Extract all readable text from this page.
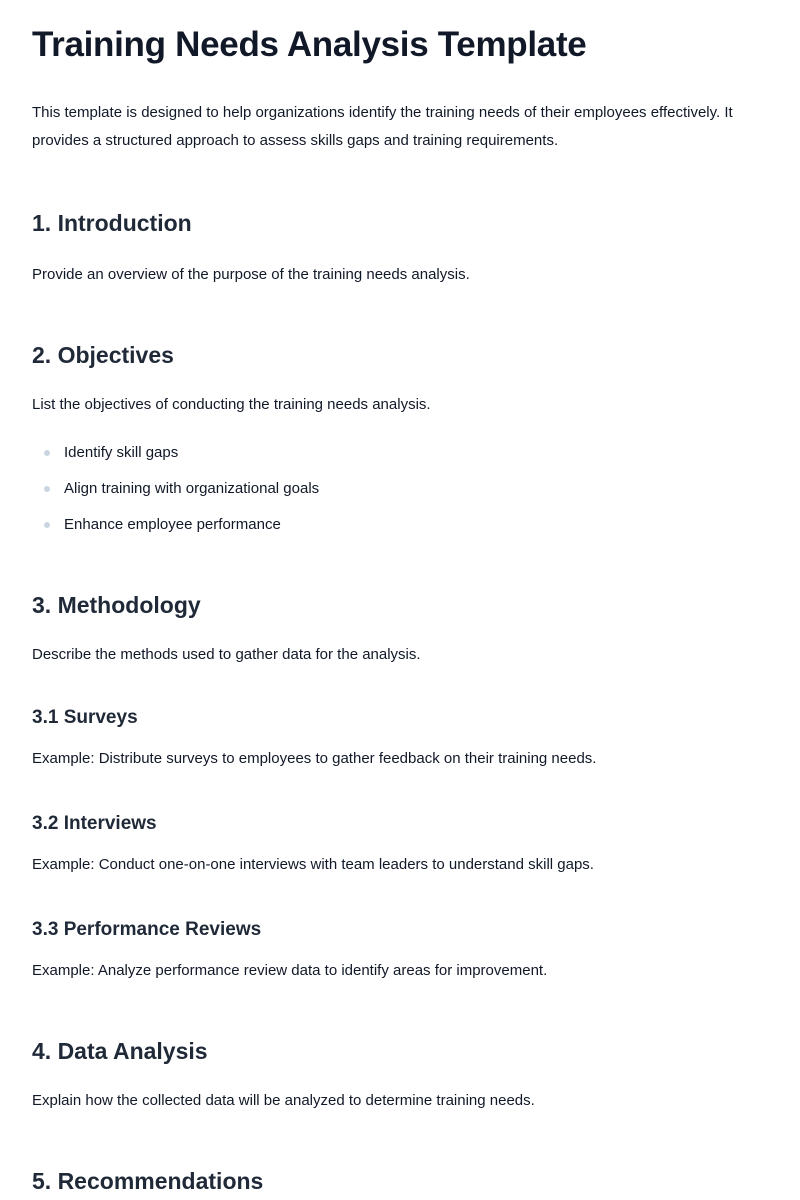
Training Needs Analysis Template

This template is designed to help organizations identify the training needs of their employees effectively. It provides a structured approach to assess skills gaps and training requirements.

1. Introduction

Provide an overview of the purpose of the training needs analysis.

2. Objectives

List the objectives of conducting the training needs analysis.

Identify skill gaps
Align training with organizational goals
Enhance employee performance
3. Methodology

Describe the methods used to gather data for the analysis.

3.1 Surveys

Example: Distribute surveys to employees to gather feedback on their training needs.

3.2 Interviews

Example: Conduct one-on-one interviews with team leaders to understand skill gaps.

3.3 Performance Reviews

Example: Analyze performance review data to identify areas for improvement.

4. Data Analysis

Explain how the collected data will be analyzed to determine training needs.

5. Recommendations
